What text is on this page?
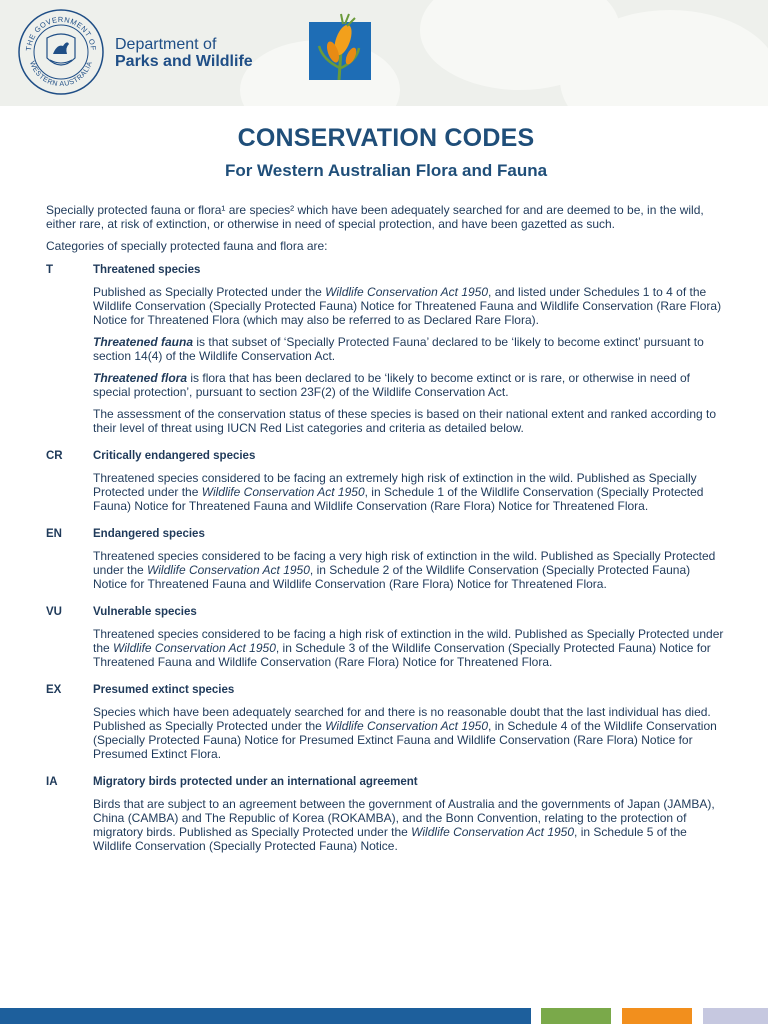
THE GOVERNMENT OF
WESTERN AUSTRALIA
Department of
Parks and Wildlife
CONSERVATION CODES
For Western Australian Flora and Fauna

Specially protected fauna or flora¹ are species² which have been adequately searched for and are deemed to be, in the wild, either rare, at risk of extinction, or otherwise in need of special protection, and have been gazetted as such.

Categories of specially protected fauna and flora are:

T	Threatened species

Published as Specially Protected under the Wildlife Conservation Act 1950, and listed under Schedules 1 to 4 of the Wildlife Conservation (Specially Protected Fauna) Notice for Threatened Fauna and Wildlife Conservation (Rare Flora) Notice for Threatened Flora (which may also be referred to as Declared Rare Flora).

Threatened fauna is that subset of ‘Specially Protected Fauna’ declared to be ‘likely to become extinct’ pursuant to section 14(4) of the Wildlife Conservation Act.

Threatened flora is flora that has been declared to be ‘likely to become extinct or is rare, or otherwise in need of special protection’, pursuant to section 23F(2) of the Wildlife Conservation Act.

The assessment of the conservation status of these species is based on their national extent and ranked according to their level of threat using IUCN Red List categories and criteria as detailed below.

CR	Critically endangered species

Threatened species considered to be facing an extremely high risk of extinction in the wild. Published as Specially Protected under the Wildlife Conservation Act 1950, in Schedule 1 of the Wildlife Conservation (Specially Protected Fauna) Notice for Threatened Fauna and Wildlife Conservation (Rare Flora) Notice for Threatened Flora.

EN	Endangered species

Threatened species considered to be facing a very high risk of extinction in the wild. Published as Specially Protected under the Wildlife Conservation Act 1950, in Schedule 2 of the Wildlife Conservation (Specially Protected Fauna) Notice for Threatened Fauna and Wildlife Conservation (Rare Flora) Notice for Threatened Flora.

VU	Vulnerable species

Threatened species considered to be facing a high risk of extinction in the wild. Published as Specially Protected under the Wildlife Conservation Act 1950, in Schedule 3 of the Wildlife Conservation (Specially Protected Fauna) Notice for Threatened Fauna and Wildlife Conservation (Rare Flora) Notice for Threatened Flora.

EX	Presumed extinct species

Species which have been adequately searched for and there is no reasonable doubt that the last individual has died. Published as Specially Protected under the Wildlife Conservation Act 1950, in Schedule 4 of the Wildlife Conservation (Specially Protected Fauna) Notice for Presumed Extinct Fauna and Wildlife Conservation (Rare Flora) Notice for Presumed Extinct Flora.

IA	Migratory birds protected under an international agreement

Birds that are subject to an agreement between the government of Australia and the governments of Japan (JAMBA), China (CAMBA) and The Republic of Korea (ROKAMBA), and the Bonn Convention, relating to the protection of migratory birds. Published as Specially Protected under the Wildlife Conservation Act 1950, in Schedule 5 of the Wildlife Conservation (Specially Protected Fauna) Notice.
